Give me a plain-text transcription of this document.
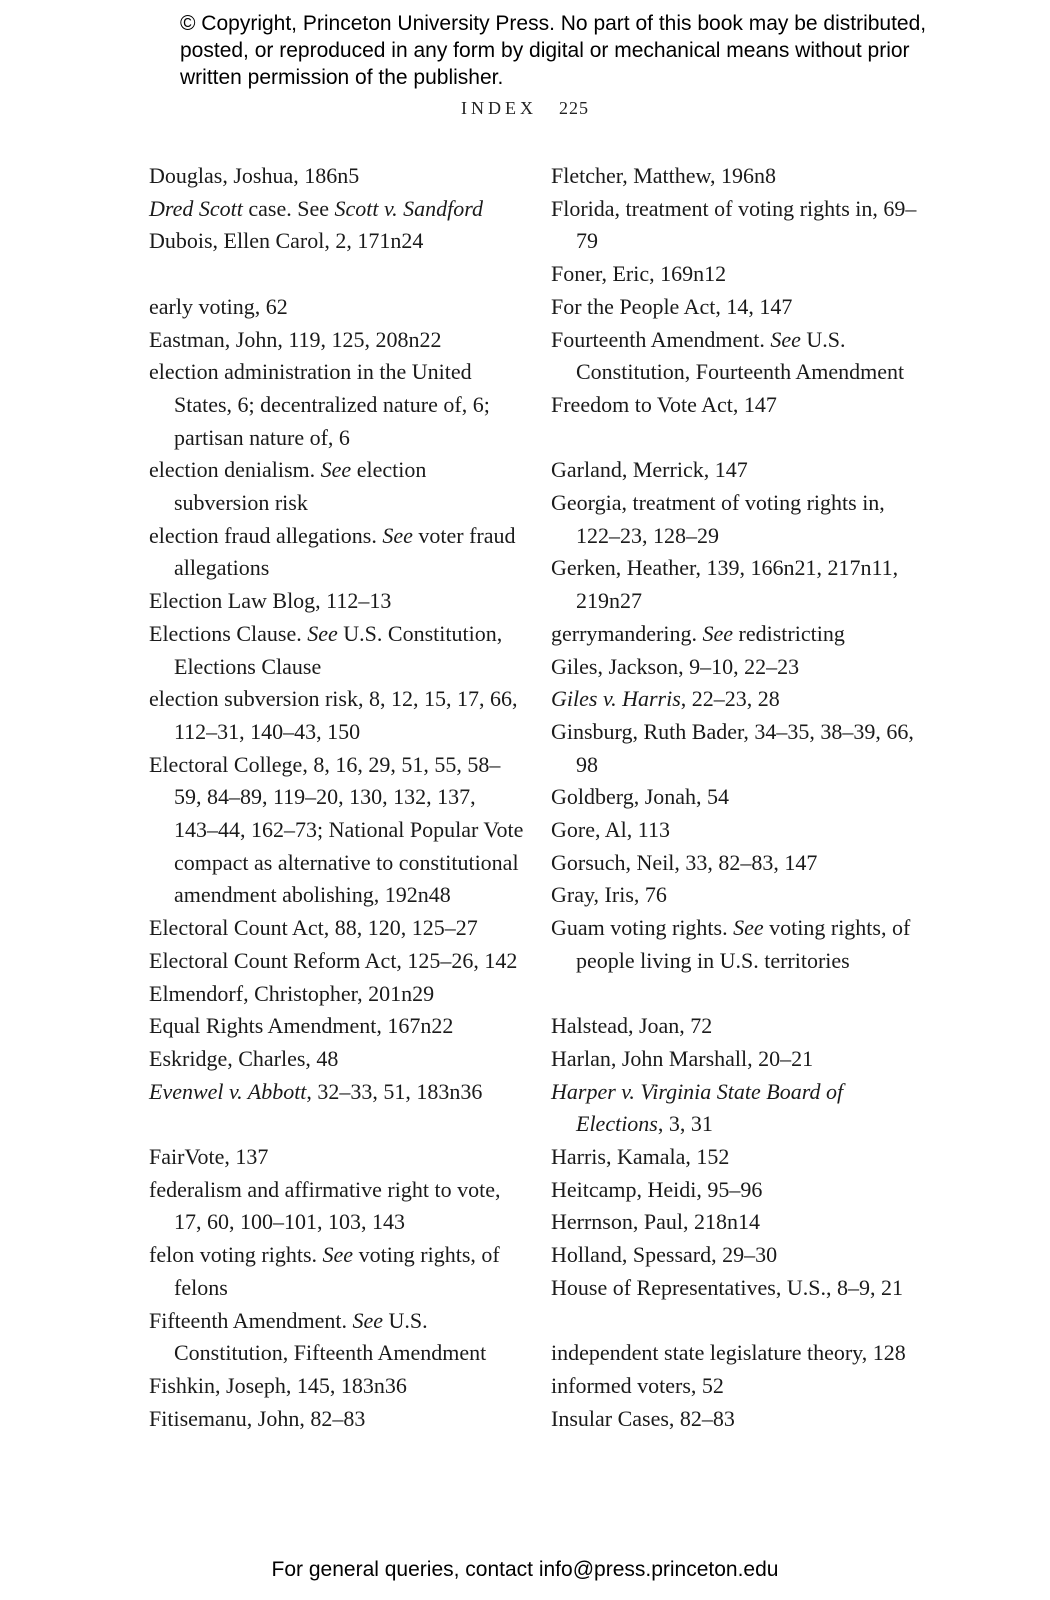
© Copyright, Princeton University Press. No part of this book may be distributed, posted, or reproduced in any form by digital or mechanical means without prior written permission of the publisher.
INDEX 225
Douglas, Joshua, 186n5
Dred Scott case. See Scott v. Sandford
Dubois, Ellen Carol, 2, 171n24
early voting, 62
Eastman, John, 119, 125, 208n22
election administration in the United States, 6; decentralized nature of, 6; partisan nature of, 6
election denialism. See election subversion risk
election fraud allegations. See voter fraud allegations
Election Law Blog, 112–13
Elections Clause. See U.S. Constitution, Elections Clause
election subversion risk, 8, 12, 15, 17, 66, 112–31, 140–43, 150
Electoral College, 8, 16, 29, 51, 55, 58–59, 84–89, 119–20, 130, 132, 137, 143–44, 162–73; National Popular Vote compact as alternative to constitutional amendment abolishing, 192n48
Electoral Count Act, 88, 120, 125–27
Electoral Count Reform Act, 125–26, 142
Elmendorf, Christopher, 201n29
Equal Rights Amendment, 167n22
Eskridge, Charles, 48
Evenwel v. Abbott, 32–33, 51, 183n36
FairVote, 137
federalism and affirmative right to vote, 17, 60, 100–101, 103, 143
felon voting rights. See voting rights, of felons
Fifteenth Amendment. See U.S. Constitution, Fifteenth Amendment
Fishkin, Joseph, 145, 183n36
Fitisemanu, John, 82–83
Fletcher, Matthew, 196n8
Florida, treatment of voting rights in, 69–79
Foner, Eric, 169n12
For the People Act, 14, 147
Fourteenth Amendment. See U.S. Constitution, Fourteenth Amendment
Freedom to Vote Act, 147
Garland, Merrick, 147
Georgia, treatment of voting rights in, 122–23, 128–29
Gerken, Heather, 139, 166n21, 217n11, 219n27
gerrymandering. See redistricting
Giles, Jackson, 9–10, 22–23
Giles v. Harris, 22–23, 28
Ginsburg, Ruth Bader, 34–35, 38–39, 66, 98
Goldberg, Jonah, 54
Gore, Al, 113
Gorsuch, Neil, 33, 82–83, 147
Gray, Iris, 76
Guam voting rights. See voting rights, of people living in U.S. territories
Halstead, Joan, 72
Harlan, John Marshall, 20–21
Harper v. Virginia State Board of Elections, 3, 31
Harris, Kamala, 152
Heitcamp, Heidi, 95–96
Herrnson, Paul, 218n14
Holland, Spessard, 29–30
House of Representatives, U.S., 8–9, 21
independent state legislature theory, 128
informed voters, 52
Insular Cases, 82–83
For general queries, contact info@press.princeton.edu
